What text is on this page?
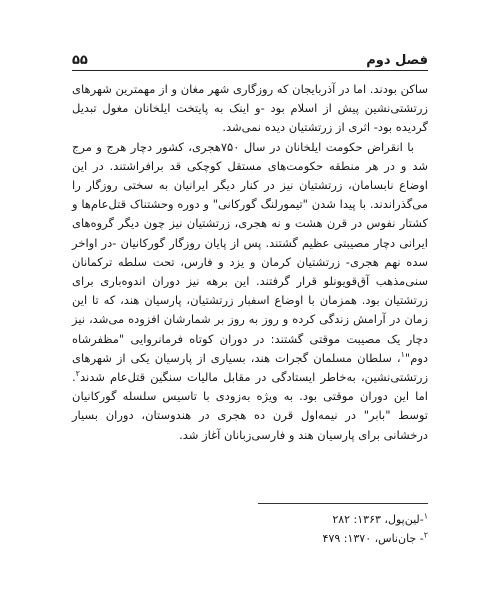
۵۵	فصل دوم

ساکن بودند. اما در آذربایجان که روزگاری شهر مغان و از مهمترین شهرهای زرتشتی‌نشین پیش از اسلام بود -و اینک به پایتخت ایلخانان مغول تبدیل گردیده بود- اثری از زرتشتیان دیده نمی‌شد.

با انقراض حکومت ایلخانان در سال ۷۵۰هجری، کشور دچار هرج و مرج شد و در هر منطقه حکومت‌های مستقل کوچکی قد برافراشتند. در این اوضاع نابسامان، زرتشتیان نیز در کنار دیگر ایرانیان به سختی روزگار را می‌گذراندند. با پیدا شدن "تیمورلنگ گورکانی" و دوره وحشتناک قتل‌عام‌ها و کشتار نفوس در قرن هشت و نه هجری، زرتشتیان نیز چون دیگر گروه‌های ایرانی دچار مصیبتی عظیم گشتند. پس از پایان روزگار گورکانیان -در اواخر سده نهم هجری- زرتشتیان کرمان و یزد و فارس، تحت سلطه ترکمانان سنی‌مذهب آق‌قویونلو قرار گرفتند. این برهه نیز دوران اندوه‌باری برای زرتشتیان بود. همزمان با اوضاع اسفبار زرتشتیان، پارسیان هند، که تا این زمان در آرامش زندگی کرده و روز به روز بر شمارشان افزوده می‌شد، نیز دچار یک مصیبت موقتی گشتند: در دوران کوتاه فرمانروایی "مظفرشاه دوم"$^۱$، سلطان مسلمان گجرات هند، بسیاری از پارسیان یکی از شهرهای زرتشتی‌نشین، به‌خاطر ایستادگی در مقابل مالیات سنگین قتل‌عام شدند$^۲$. اما این دوران موقتی بود. به ویژه به‌زودی با تاسیس سلسله گورکانیان توسط "بابر" در نیمه‌اول قرن ده هجری در هندوستان، دوران بسیار درخشانی برای پارسیان هند و فارسی‌زبانان آغاز شد.

$^۱$-لین‌پول، ۱۳۶۳: ۲۸۲
$^۲$- جان‌ناس، ۱۳۷۰: ۴۷۹
